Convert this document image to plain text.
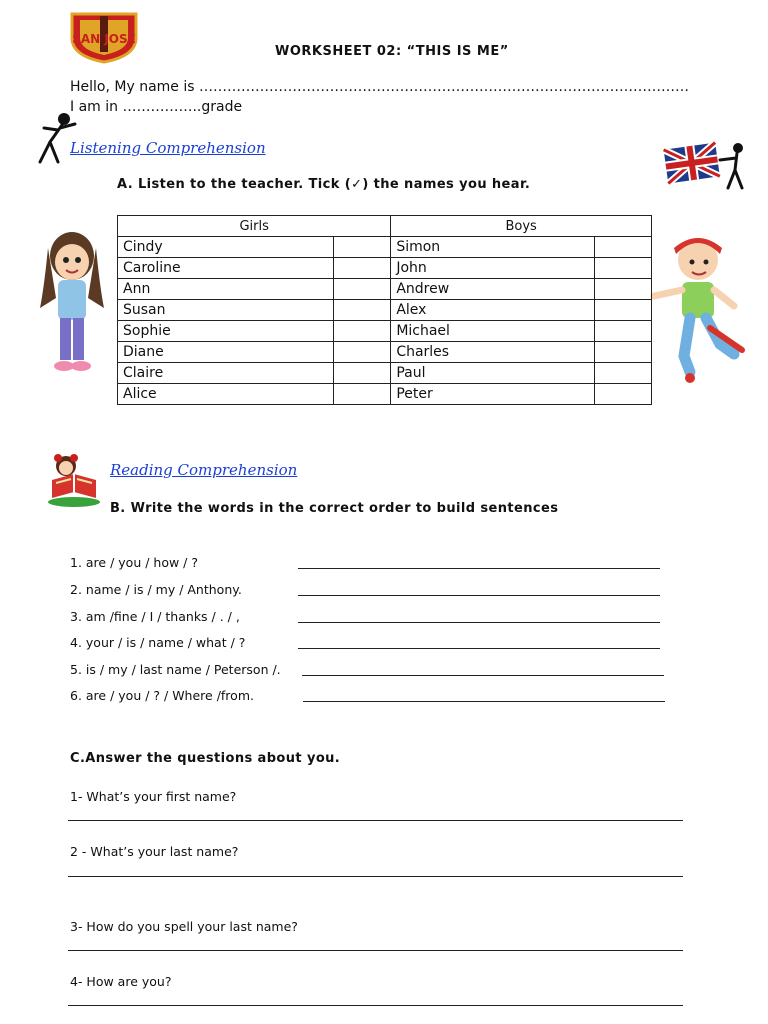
SAN JOSE
WORKSHEET 02: “THIS IS ME”
Hello, My name is ……………………………………………………………………………………………
I am in ……………..grade
Listening Comprehension
A. Listen to the teacher. Tick (✓) the names you hear.
Girls		Boys	
Cindy		Simon	
Caroline		John	
Ann		Andrew	
Susan		Alex	
Sophie		Michael	
Diane		Charles	
Claire		Paul	
Alice		Peter	
Reading Comprehension
B. Write the words in the correct order to build sentences
1. are / you / how / ?
2. name / is / my / Anthony.
3. am /fine / I / thanks / . / ,
4. your / is / name / what / ?
5. is / my / last name / Peterson /.
6. are / you / ? / Where /from.
C.Answer the questions about you.
1- What’s your first name?
2 - What’s your last name?
3- How do you spell your last name?
4- How are you?
